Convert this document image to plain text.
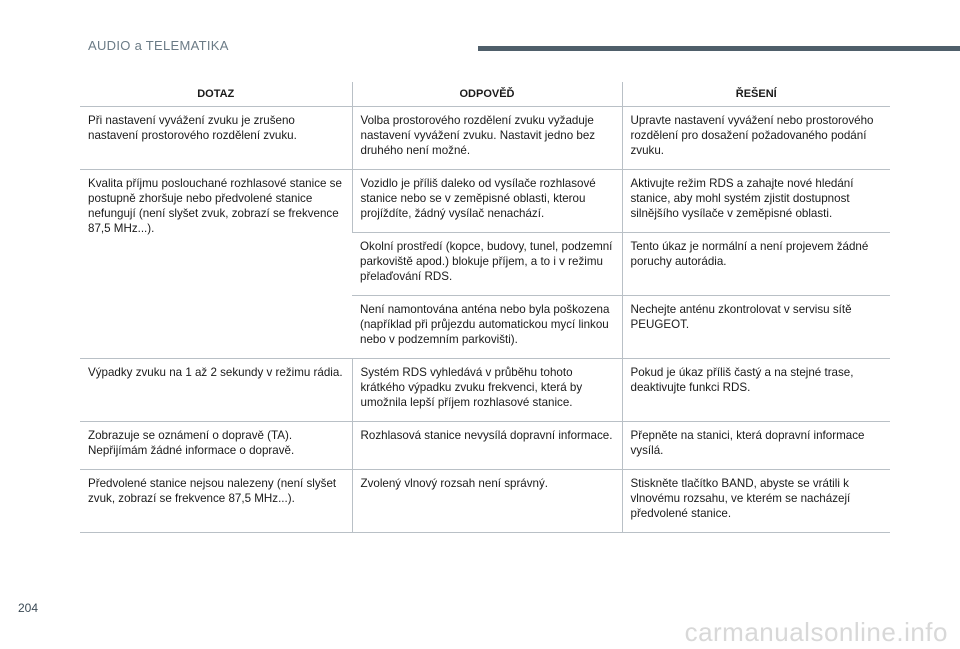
AUDIO a TELEMATIKA
DOTAZ	ODPOVĚĎ	ŘEŠENÍ
Při nastavení vyvážení zvuku je zrušeno nastavení prostorového rozdělení zvuku.	Volba prostorového rozdělení zvuku vyžaduje nastavení vyvážení zvuku. Nastavit jedno bez druhého není možné.	Upravte nastavení vyvážení nebo prostorového rozdělení pro dosažení požadovaného podání zvuku.
Kvalita příjmu poslouchané rozhlasové stanice se postupně zhoršuje nebo předvolené stanice nefungují (není slyšet zvuk, zobrazí se frekvence 87,5 MHz...).	Vozidlo je příliš daleko od vysílače rozhlasové stanice nebo se v zeměpisné oblasti, kterou projíždíte, žádný vysílač nenachází.	Aktivujte režim RDS a zahajte nové hledání stanice, aby mohl systém zjistit dostupnost silnějšího vysílače v zeměpisné oblasti.
	Okolní prostředí (kopce, budovy, tunel, podzemní parkoviště apod.) blokuje příjem, a to i v režimu přelaďování RDS.	Tento úkaz je normální a není projevem žádné poruchy autorádia.
	Není namontována anténa nebo byla poškozena (například při průjezdu automatickou mycí linkou nebo v podzemním parkovišti).	Nechejte anténu zkontrolovat v servisu sítě PEUGEOT.
Výpadky zvuku na 1 až 2 sekundy v režimu rádia.	Systém RDS vyhledává v průběhu tohoto krátkého výpadku zvuku frekvenci, která by umožnila lepší příjem rozhlasové stanice.	Pokud je úkaz příliš častý a na stejné trase, deaktivujte funkci RDS.
Zobrazuje se oznámení o dopravě (TA). Nepřijímám žádné informace o dopravě.	Rozhlasová stanice nevysílá dopravní informace.	Přepněte na stanici, která dopravní informace vysílá.
Předvolené stanice nejsou nalezeny (není slyšet zvuk, zobrazí se frekvence 87,5 MHz...).	Zvolený vlnový rozsah není správný.	Stiskněte tlačítko BAND, abyste se vrátili k vlnovému rozsahu, ve kterém se nacházejí předvolené stanice.
204
carmanualsonline.info
